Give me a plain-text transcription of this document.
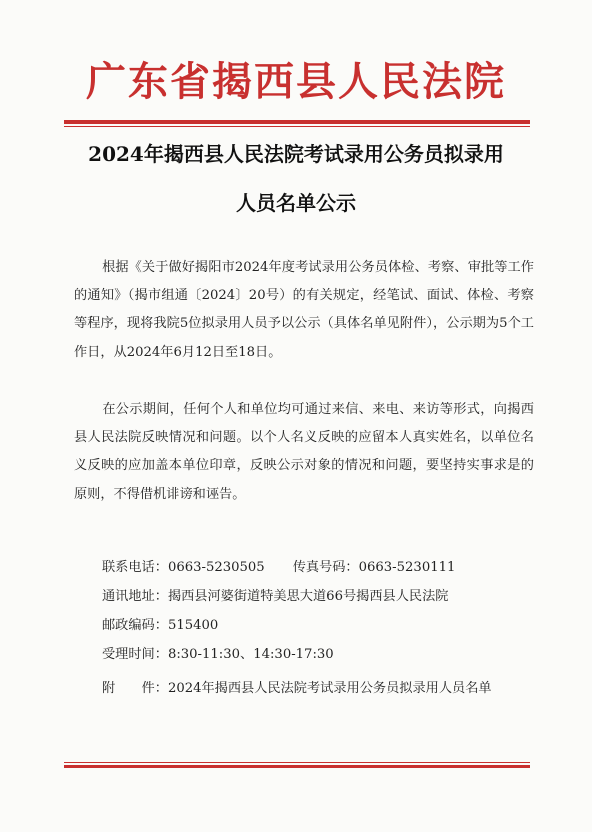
广东省揭西县人民法院
2024年揭西县人民法院考试录用公务员拟录用
人员名单公示

根据《关于做好揭阳市2024年度考试录用公务员体检、考察、审批等工作的通知》（揭市组通〔2024〕20号）的有关规定，经笔试、面试、体检、考察等程序，现将我院5位拟录用人员予以公示（具体名单见附件），公示期为5个工作日，从2024年6月12日至18日。

在公示期间，任何个人和单位均可通过来信、来电、来访等形式，向揭西县人民法院反映情况和问题。以个人名义反映的应留本人真实姓名，以单位名义反映的应加盖本单位印章，反映公示对象的情况和问题，要坚持实事求是的原则，不得借机诽谤和诬告。

联系电话：0663-5230505 传真号码：0663-5230111
通讯地址：揭西县河婆街道特美思大道66号揭西县人民法院
邮政编码：515400
受理时间：8:30-11:30、14:30-17:30

附　　件：2024年揭西县人民法院考试录用公务员拟录用人员名单
